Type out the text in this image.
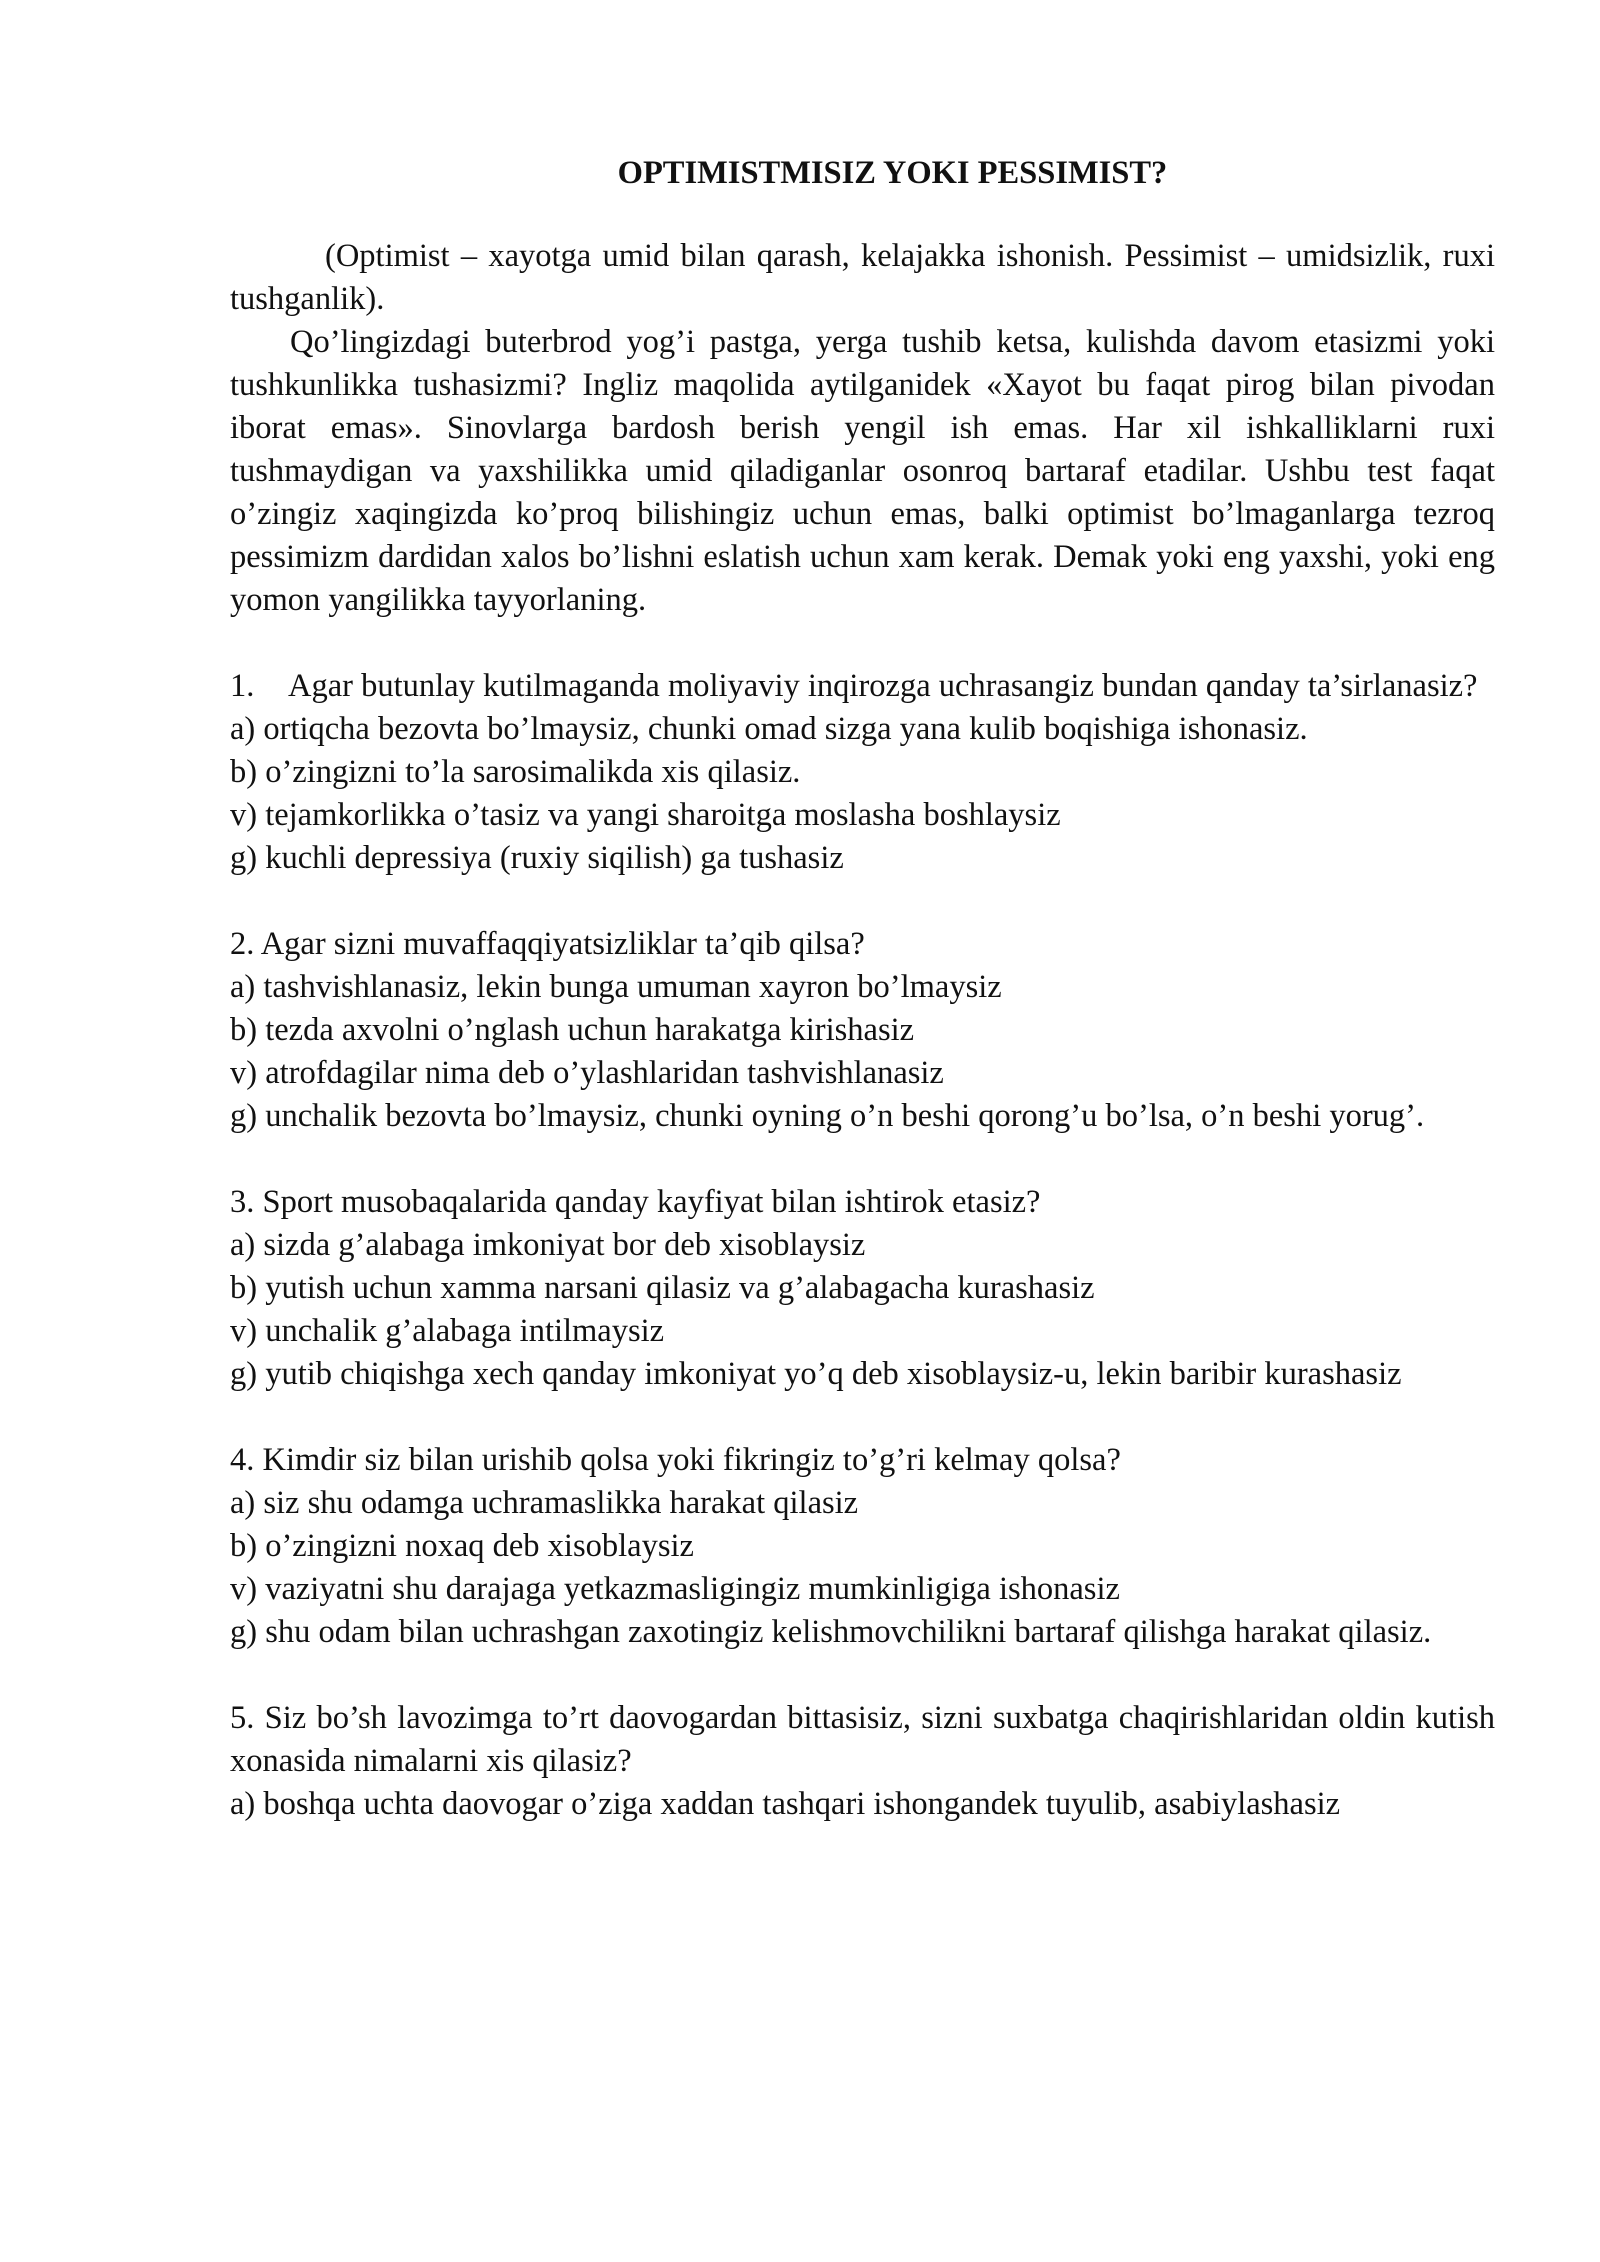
OPTIMISTMISIZ YOKI PESSIMIST?

(Optimist – xayotga umid bilan qarash, kelajakka ishonish. Pessimist – umidsizlik, ruxi tushganlik).

Qo’lingizdagi buterbrod yog’i pastga, yerga tushib ketsa, kulishda davom etasizmi yoki tushkunlikka tushasizmi? Ingliz maqolida aytilganidek «Xayot bu faqat pirog bilan pivodan iborat emas». Sinovlarga bardosh berish yengil ish emas. Har xil ishkalliklarni ruxi tushmaydigan va yaxshilikka umid qiladiganlar osonroq bartaraf etadilar. Ushbu test faqat o’zingiz xaqingizda ko’proq bilishingiz uchun emas, balki optimist bo’lmaganlarga tezroq pessimizm dardidan xalos bo’lishni eslatish uchun xam kerak. Demak yoki eng yaxshi, yoki eng yomon yangilikka tayyorlaning.

1.	Agar butunlay kutilmaganda moliyaviy inqirozga uchrasangiz bundan qanday ta’sirlanasiz?

a) ortiqcha bezovta bo’lmaysiz, chunki omad sizga yana kulib boqishiga ishonasiz.

b) o’zingizni to’la sarosimalikda xis qilasiz.

v) tejamkorlikka o’tasiz va yangi sharoitga moslasha boshlaysiz

g) kuchli depressiya (ruxiy siqilish) ga tushasiz

2. Agar sizni muvaffaqqiyatsizliklar ta’qib qilsa?

a) tashvishlanasiz, lekin bunga umuman xayron bo’lmaysiz

b) tezda axvolni o’nglash uchun harakatga kirishasiz

v) atrofdagilar nima deb o’ylashlaridan tashvishlanasiz

g) unchalik bezovta bo’lmaysiz, chunki oyning o’n beshi qorong’u bo’lsa, o’n beshi yorug’.

3. Sport musobaqalarida qanday kayfiyat bilan ishtirok etasiz?

a) sizda g’alabaga imkoniyat bor deb xisoblaysiz

b) yutish uchun xamma narsani qilasiz va g’alabagacha kurashasiz

v) unchalik g’alabaga intilmaysiz

g) yutib chiqishga xech qanday imkoniyat yo’q deb xisoblaysiz-u, lekin baribir kurashasiz

4. Kimdir siz bilan urishib qolsa yoki fikringiz to’g’ri kelmay qolsa?

a) siz shu odamga uchramaslikka harakat qilasiz

b) o’zingizni noxaq deb xisoblaysiz

v) vaziyatni shu darajaga yetkazmasligingiz mumkinligiga ishonasiz

g) shu odam bilan uchrashgan zaxotingiz kelishmovchilikni bartaraf qilishga harakat qilasiz.

5. Siz bo’sh lavozimga to’rt daovogardan bittasisiz, sizni suxbatga chaqirishlaridan oldin kutish xonasida nimalarni xis qilasiz?

a) boshqa uchta daovogar o’ziga xaddan tashqari ishongandek tuyulib, asabiylashasiz
